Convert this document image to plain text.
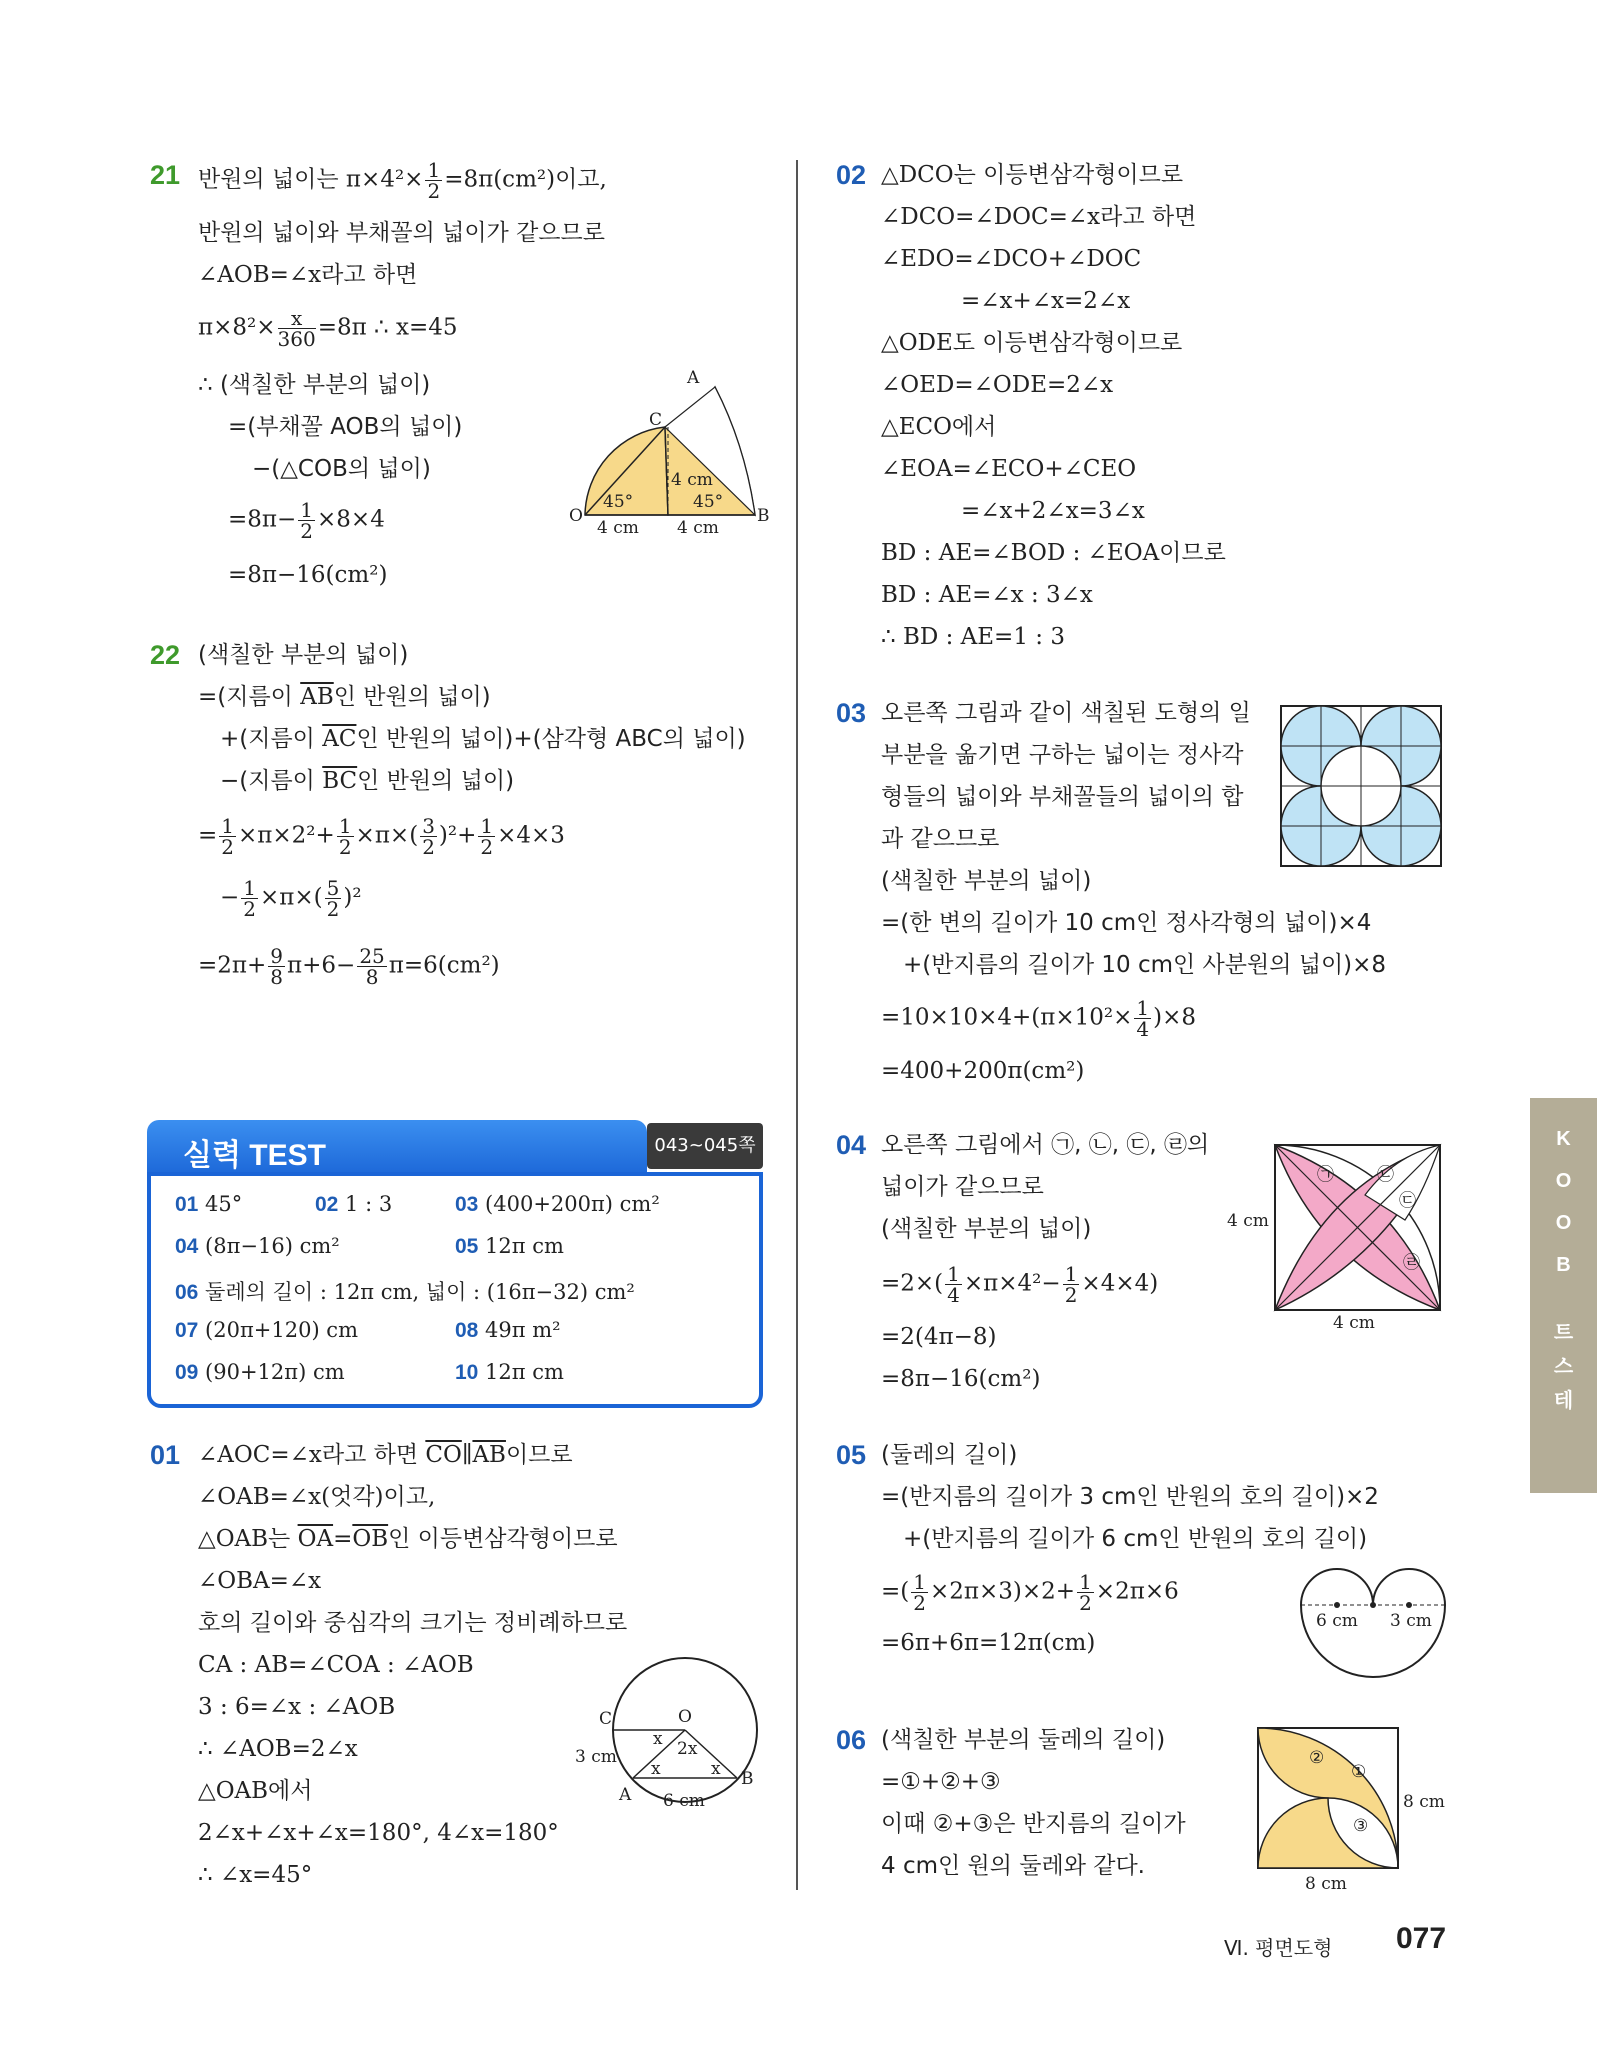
21 반원의 넓이는 $\pi\times 4^2\times \frac{1}{2} =8\pi(cm^2)$이고,
반원의 넓이와 부채꼴의 넓이가 같으므로
∠AOB=∠x라고 하면
$\pi\times 8^2\times \frac{x}{360} =8\pi$ ∴ x=45
∴ (색칠한 부분의 넓이)
=(부채꼴 AOB의 넓이)
−(△COB의 넓이)
$=8\pi- \frac{1}{2} \times 8\times 4$
=8π−16(cm²)
A
C
O	B
45°	45°
4 cm
4 cm 4 cm
22 (색칠한 부분의 넓이)
=(지름이 $\overline{AB}$인 반원의 넓이)
+(지름이 $\overline{AC}$인 반원의 넓이)+(삼각형 ABC의 넓이)
−(지름이 $\overline{BC}$인 반원의 넓이)
= $\frac{1}{2} \times\pi\times 2^2+ \frac{1}{2} \times\pi\times( \frac{3}{2} )^2+ \frac{1}{2} \times 4\times 3$
− $\frac{1}{2} \times\pi\times( \frac{5}{2} )^2$
$=2\pi+ \frac{9}{8} \pi+6- \frac{25}{8} \pi=6(cm^2)$
실력 TEST	043~045쪽
01 45°	02 1 : 3	03 (400+200π) cm²
04 (8π−16) cm²	05 12π cm
06 둘레의 길이 : 12π cm, 넓이 : (16π−32) cm²
07 (20π+120) cm	08 49π m²
09 (90+12π) cm	10 12π cm
01 ∠AOC=∠x라고 하면 $\overline{CO}\parallel\overline{AB}$이므로
∠OAB=∠x(엇각)이고,
△OAB는 $\overline{OA}=\overline{OB}$인 이등변삼각형이므로
∠OBA=∠x
호의 길이와 중심각의 크기는 정비례하므로
CA : AB=∠COA : ∠AOB
3 : 6=∠x : ∠AOB
∴ ∠AOB=2∠x
△OAB에서
2∠x+∠x+∠x=180°, 4∠x=180°
∴ ∠x=45°
C	O
A
B
x 2x
x	x
3 cm
6 cm
02 △DCO는 이등변삼각형이므로
∠DCO=∠DOC=∠x라고 하면
∠EDO=∠DCO+∠DOC
=∠x+∠x=2∠x
△ODE도 이등변삼각형이므로
∠OED=∠ODE=2∠x
△ECO에서
∠EOA=∠ECO+∠CEO
=∠x+2∠x=3∠x
BD : AE=∠BOD : ∠EOA이므로
BD : AE=∠x : 3∠x
∴ BD : AE=1 : 3
03 오른쪽 그림과 같이 색칠된 도형의 일
부분을 옮기면 구하는 넓이는 정사각
형들의 넓이와 부채꼴들의 넓이의 합
과 같으므로
(색칠한 부분의 넓이)
=(한 변의 길이가 10 cm인 정사각형의 넓이)×4
+(반지름의 길이가 10 cm인 사분원의 넓이)×8
$=10\times 10\times 4+(\pi\times 10^2\times \frac{1}{4} )\times 8$
=400+200π(cm²)
04 오른쪽 그림에서 ㉠, ㉡, ㉢, ㉣의
넓이가 같으므로
(색칠한 부분의 넓이)
$=2\times( \frac{1}{4} \times\pi\times 4^2- \frac{1}{2} \times 4\times 4)$
=2(4π−8)
=8π−16(cm²)
㉠	㉡
㉢
㉣
4 cm
4 cm
05 (둘레의 길이)
=(반지름의 길이가 3 cm인 반원의 호의 길이)×2
+(반지름의 길이가 6 cm인 반원의 호의 길이)
=( $\frac{1}{2} \times 2\pi\times 3)\times 2+ \frac{1}{2} \times 2\pi\times 6$
=6π+6π=12π(cm)
6 cm 3 cm
06 (색칠한 부분의 둘레의 길이)
=①+②+③
이때 ②+③은 반지름의 길이가
4 cm인 원의 둘레와 같다.
②
①
③
8 cm
8 cm
K
O
O
B
트
스
테
Ⅵ. 평면도형 077
